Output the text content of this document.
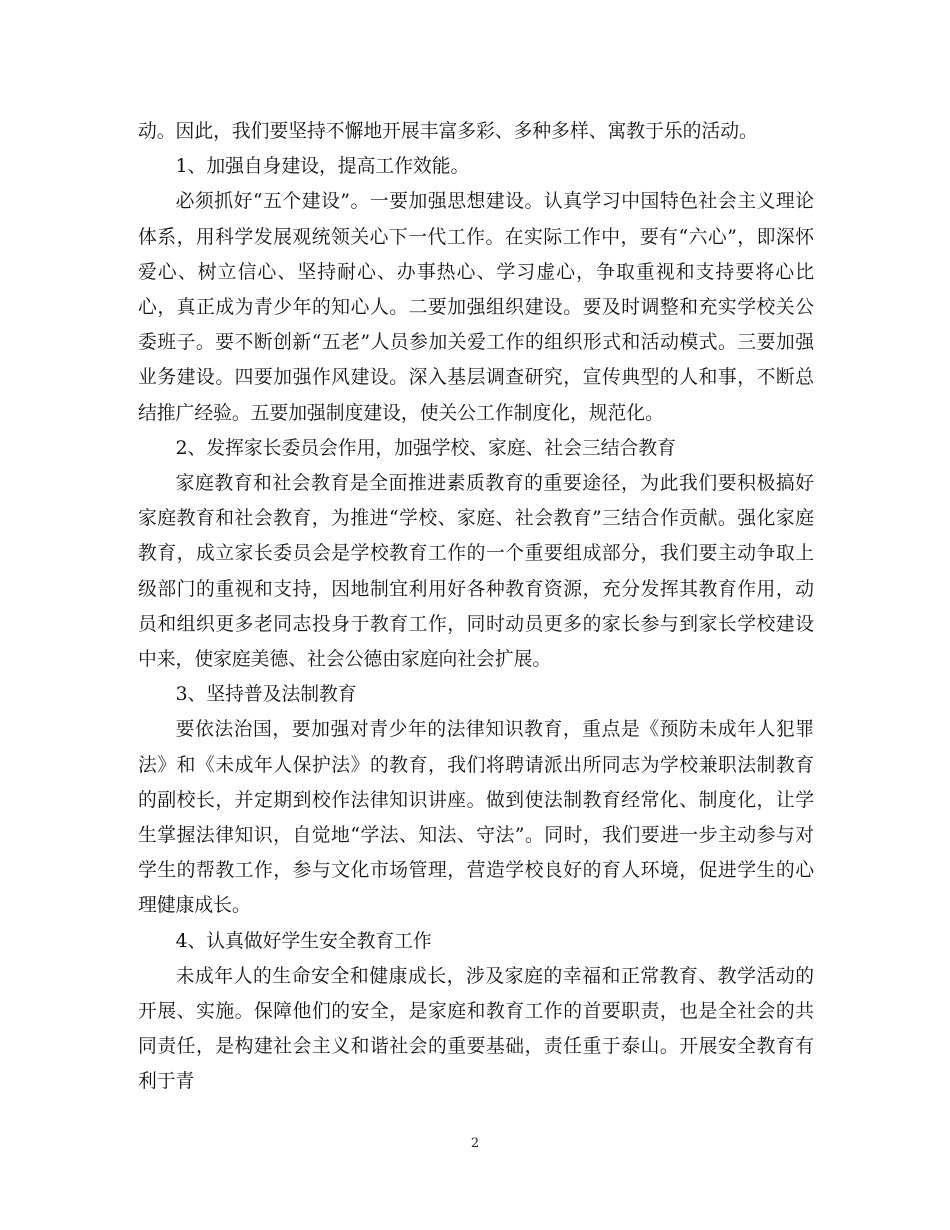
动。因此，我们要坚持不懈地开展丰富多彩、多种多样、寓教于乐的活动。

1、加强自身建设，提高工作效能。

必须抓好“五个建设”。一要加强思想建设。认真学习中国特色社会主义理论体系，用科学发展观统领关心下一代工作。在实际工作中，要有“六心”，即深怀爱心、树立信心、坚持耐心、办事热心、学习虚心，争取重视和支持要将心比心，真正成为青少年的知心人。二要加强组织建设。要及时调整和充实学校关公委班子。要不断创新“五老”人员参加关爱工作的组织形式和活动模式。三要加强业务建设。四要加强作风建设。深入基层调查研究，宣传典型的人和事，不断总结推广经验。五要加强制度建设，使关公工作制度化，规范化。

2、发挥家长委员会作用，加强学校、家庭、社会三结合教育

家庭教育和社会教育是全面推进素质教育的重要途径，为此我们要积极搞好家庭教育和社会教育，为推进“学校、家庭、社会教育”三结合作贡献。强化家庭教育，成立家长委员会是学校教育工作的一个重要组成部分，我们要主动争取上级部门的重视和支持，因地制宜利用好各种教育资源，充分发挥其教育作用，动员和组织更多老同志投身于教育工作，同时动员更多的家长参与到家长学校建设中来，使家庭美德、社会公德由家庭向社会扩展。

3、坚持普及法制教育

要依法治国，要加强对青少年的法律知识教育，重点是《预防未成年人犯罪法》和《未成年人保护法》的教育，我们将聘请派出所同志为学校兼职法制教育的副校长，并定期到校作法律知识讲座。做到使法制教育经常化、制度化，让学生掌握法律知识，自觉地“学法、知法、守法”。同时，我们要进一步主动参与对学生的帮教工作，参与文化市场管理，营造学校良好的育人环境，促进学生的心理健康成长。

4、认真做好学生安全教育工作

未成年人的生命安全和健康成长，涉及家庭的幸福和正常教育、教学活动的开展、实施。保障他们的安全，是家庭和教育工作的首要职责，也是全社会的共同责任，是构建社会主义和谐社会的重要基础，责任重于泰山。开展安全教育有利于青

2
